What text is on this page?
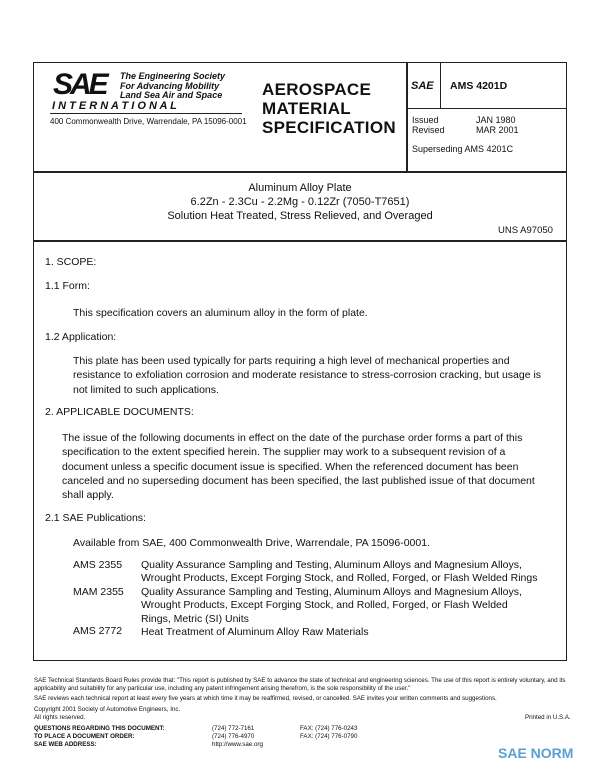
SAE The Engineering Society
For Advancing Mobility
Land Sea Air and Space
I N T E R N A T I O N A L
400 Commonwealth Drive, Warrendale, PA 15096-0001
AEROSPACE
MATERIAL
SPECIFICATION
SAE AMS 4201D
Issued	JAN 1980
Revised	MAR 2001
Superseding AMS 4201C
Aluminum Alloy Plate
6.2Zn - 2.3Cu - 2.2Mg - 0.12Zr (7050-T7651)
Solution Heat Treated, Stress Relieved, and Overaged
UNS A97050
1. SCOPE:
1.1 Form:
This specification covers an aluminum alloy in the form of plate.
1.2 Application:
This plate has been used typically for parts requiring a high level of mechanical properties and resistance to exfoliation corrosion and moderate resistance to stress-corrosion cracking, but usage is not limited to such applications.
2. APPLICABLE DOCUMENTS:
The issue of the following documents in effect on the date of the purchase order forms a part of this specification to the extent specified herein. The supplier may work to a subsequent revision of a document unless a specific document issue is specified. When the referenced document has been canceled and no superseding document has been specified, the last published issue of that document shall apply.
2.1 SAE Publications:
Available from SAE, 400 Commonwealth Drive, Warrendale, PA 15096-0001.
AMS 2355 Quality Assurance Sampling and Testing, Aluminum Alloys and Magnesium Alloys, Wrought Products, Except Forging Stock, and Rolled, Forged, or Flash Welded Rings
MAM 2355 Quality Assurance Sampling and Testing, Aluminum Alloys and Magnesium Alloys, Wrought Products, Except Forging Stock, and Rolled, Forged, or Flash Welded Rings, Metric (SI) Units
AMS 2772 Heat Treatment of Aluminum Alloy Raw Materials
SAE Technical Standards Board Rules provide that: "This report is published by SAE to advance the state of technical and engineering sciences. The use of this report is entirely voluntary, and its applicability and suitability for any particular use, including any patent infringement arising therefrom, is the sole responsibility of the user."
SAE reviews each technical report at least every five years at which time it may be reaffirmed, revised, or cancelled. SAE invites your written comments and suggestions.
Copyright 2001 Society of Automotive Engineers, Inc.
All rights reserved.	Printed in U.S.A.
QUESTIONS REGARDING THIS DOCUMENT:	(724) 772-7161	FAX: (724) 776-0243
TO PLACE A DOCUMENT ORDER:	(724) 776-4970	FAX: (724) 776-0790
SAE WEB ADDRESS:	http://www.sae.org
SAE NORM
